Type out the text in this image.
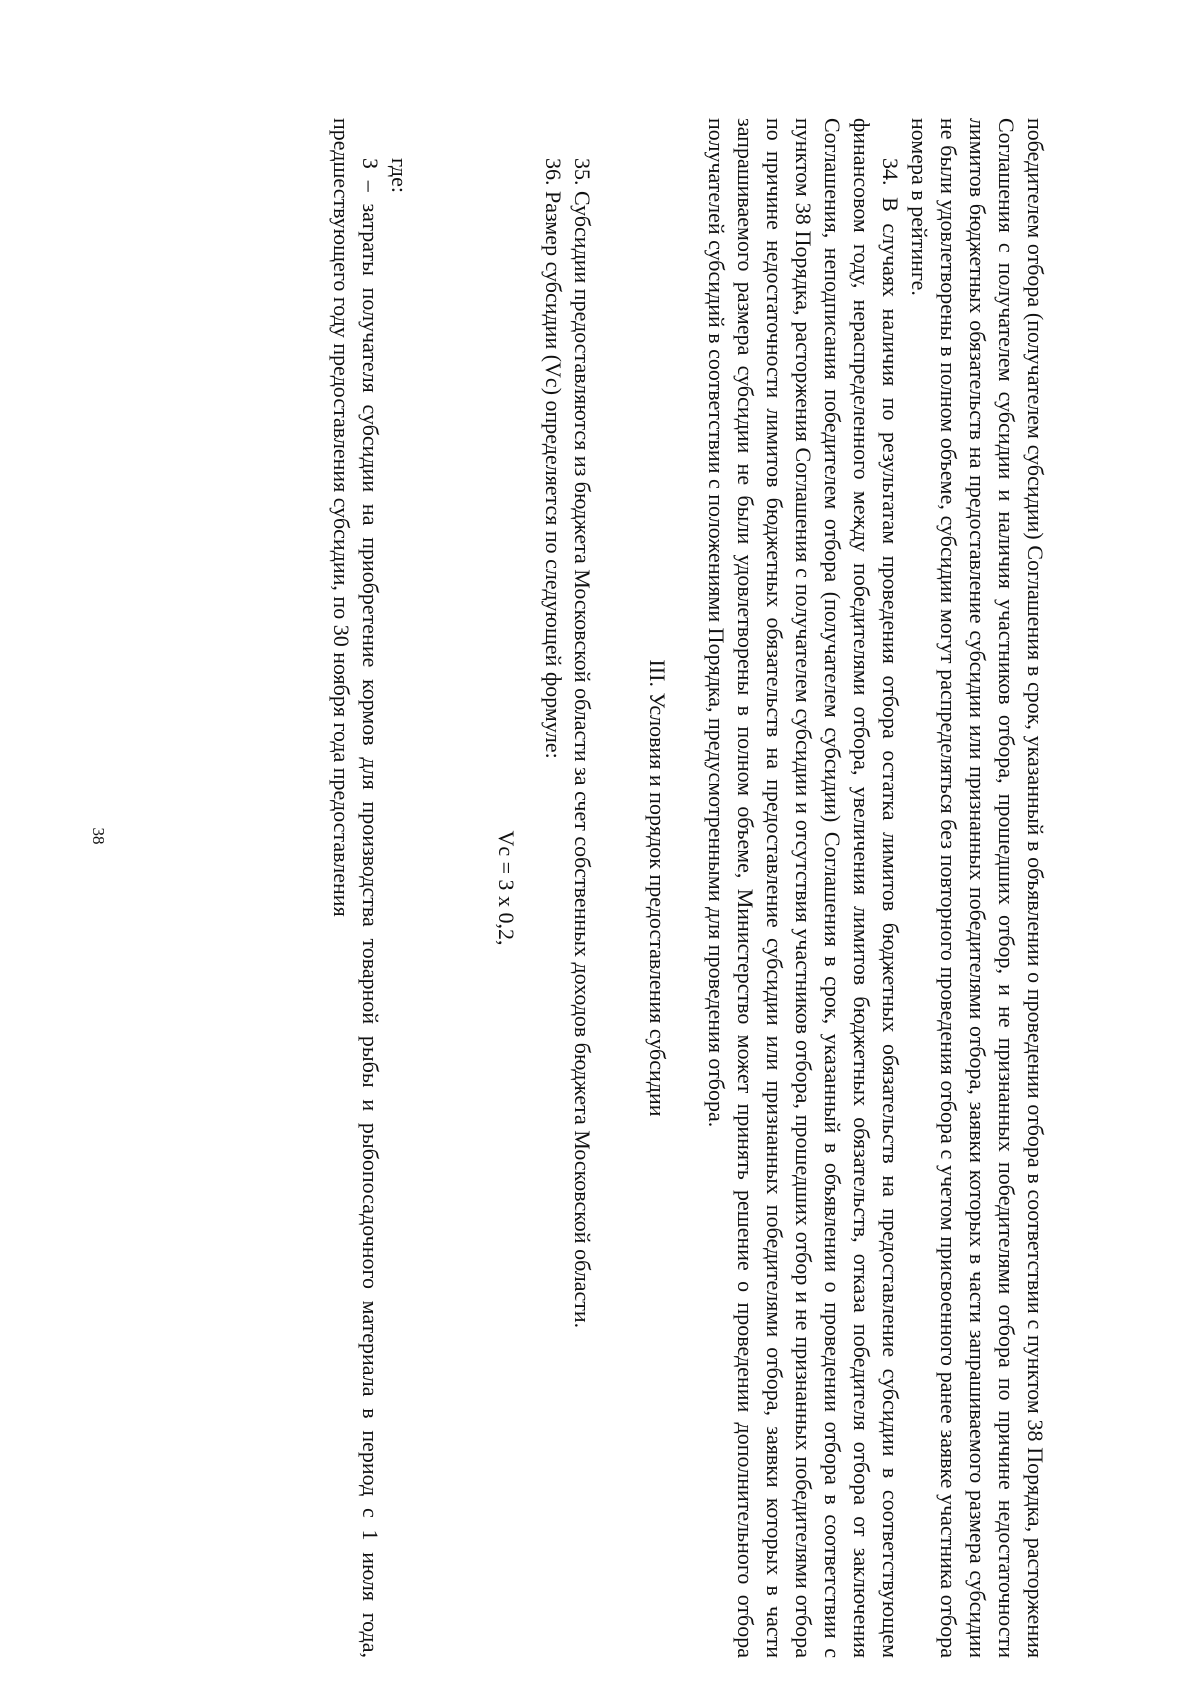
38	победителем отбора (получателем субсидии) Соглашения в срок, указанный в объявлении о проведении отбора в соответствии с пунктом 38 Порядка, расторжения Соглашения с получателем субсидии и наличия участников отбора, прошедших отбор, и не признанных победителями отбора по причине недостаточности лимитов бюджетных обязательств на предоставление субсидии или признанных победителями отбора, заявки которых в части запрашиваемого размера субсидии не были удовлетворены в полном объеме, субсидии могут распределяться без повторного проведения отбора с учетом присвоенного ранее заявке участника отбора номера в рейтинге.

34. В случаях наличия по результатам проведения отбора остатка лимитов бюджетных обязательств на предоставление субсидии в соответствующем финансовом году, нераспределенного между победителями отбора, увеличения лимитов бюджетных обязательств, отказа победителя отбора от заключения Соглашения, неподписания победителем отбора (получателем субсидии) Соглашения в срок, указанный в объявлении о проведении отбора в соответствии с пунктом 38 Порядка, расторжения Соглашения с получателем субсидии и отсутствия участников отбора, прошедших отбор и не признанных победителями отбора по причине недостаточности лимитов бюджетных обязательств на предоставление субсидии или признанных победителями отбора, заявки которых в части запрашиваемого размера субсидии не были удовлетворены в полном объеме, Министерство может принять решение о проведении дополнительного отбора получателей субсидий в соответствии с положениями Порядка, предусмотренными для проведения отбора.

III. Условия и порядок предоставления субсидии

35. Субсидии предоставляются из бюджета Московской области за счет собственных доходов бюджета Московской области.

36. Размер субсидии (Vc) определяется по следующей формуле:

Vc = З x 0,2,

где:

З – затраты получателя субсидии на приобретение кормов для производства товарной рыбы и рыбопосадочного материала в период с 1 июля года, предшествующего году предоставления субсидии, по 30 ноября года предоставления
